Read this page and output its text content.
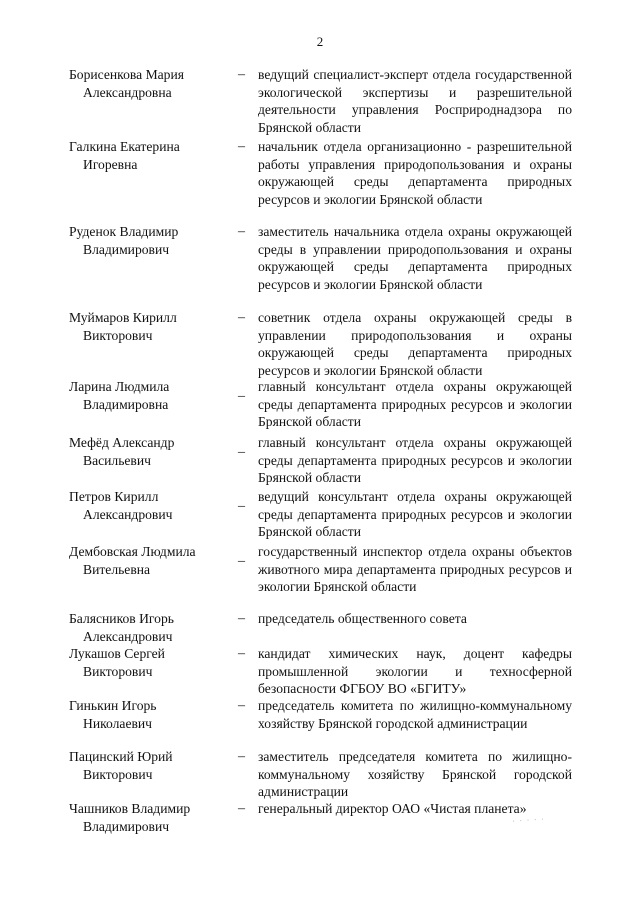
2
Борисенкова Мария
Александровна
– ведущий специалист-эксперт отдела государственной экологической экспертизы и разрешительной деятельности управления Росприроднадзора по Брянской области
Галкина Екатерина
Игоревна
– начальник отдела организационно - разрешительной работы управления природопользования и охраны окружающей среды департамента природных ресурсов и экологии Брянской области
Руденок Владимир
Владимирович
– заместитель начальника отдела охраны окружающей среды в управлении природопользования и охраны окружающей среды департамента природных ресурсов и экологии Брянской области
Муймаров Кирилл
Викторович
– советник отдела охраны окружающей среды в управлении природопользования и охраны окружающей среды департамента природных ресурсов и экологии Брянской области
Ларина Людмила
Владимировна
_ главный консультант отдела охраны окружающей среды департамента природных ресурсов и экологии Брянской области
Мефёд Александр
Васильевич
_ главный консультант отдела охраны окружающей среды департамента природных ресурсов и экологии Брянской области
Петров Кирилл
Александрович
_ ведущий консультант отдела охраны окружающей среды департамента природных ресурсов и экологии Брянской области
Дембовская Людмила
Вительевна
_ государственный инспектор отдела охраны объектов животного мира департамента природных ресурсов и экологии Брянской области
Балясников Игорь
Александрович
– председатель общественного совета
Лукашов Сергей
Викторович
– кандидат химических наук, доцент кафедры промышленной экологии и техносферной безопасности ФГБОУ ВО «БГИТУ»
Гинькин Игорь
Николаевич
– председатель комитета по жилищно-коммунальному хозяйству Брянской городской администрации
Пацинский Юрий
Викторович
– заместитель председателя комитета по жилищно-коммунальному хозяйству Брянской городской администрации
Чашников Владимир
Владимирович
– генеральный директор ОАО «Чистая планета»
· · · · ·
